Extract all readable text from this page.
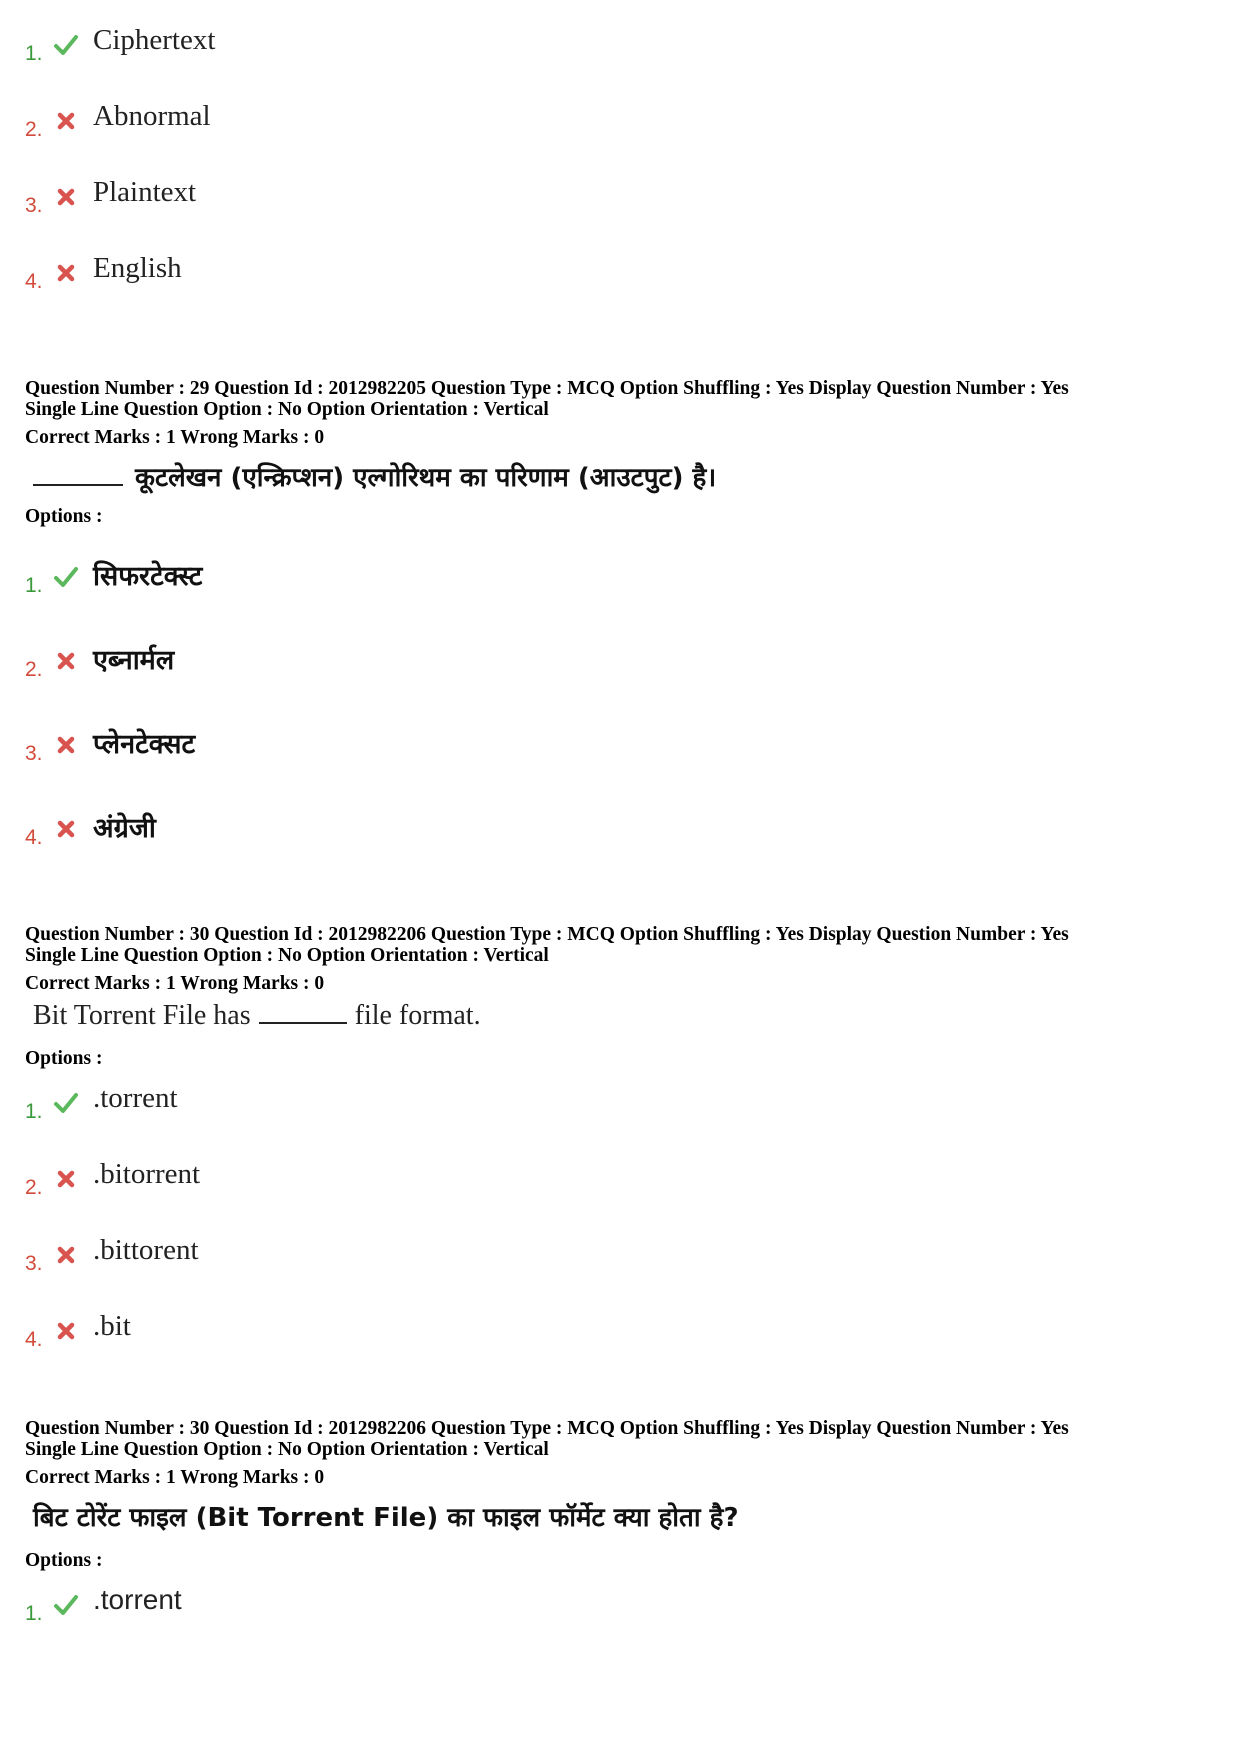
1. Ciphertext
2. Abnormal
3. Plaintext
4. English
Question Number : 29 Question Id : 2012982205 Question Type : MCQ Option Shuffling : Yes Display Question Number : Yes
Single Line Question Option : No Option Orientation : Vertical
Correct Marks : 1 Wrong Marks : 0
कूटलेखन (एन्क्रिप्शन) एल्गोरिथम का परिणाम (आउटपुट) है।
Options :
1. सिफरटेक्स्ट
2. एब्नार्मल
3. प्लेनटेक्सट
4. अंग्रेजी
Question Number : 30 Question Id : 2012982206 Question Type : MCQ Option Shuffling : Yes Display Question Number : Yes
Single Line Question Option : No Option Orientation : Vertical
Correct Marks : 1 Wrong Marks : 0
Bit Torrent File has	file format.
Options :
1. .torrent
2. .bitorrent
3. .bittorent
4. .bit
Question Number : 30 Question Id : 2012982206 Question Type : MCQ Option Shuffling : Yes Display Question Number : Yes
Single Line Question Option : No Option Orientation : Vertical
Correct Marks : 1 Wrong Marks : 0
बिट टोरेंट फाइल (Bit Torrent File) का फाइल फॉर्मेट क्या होता है?
Options :
1. .torrent
